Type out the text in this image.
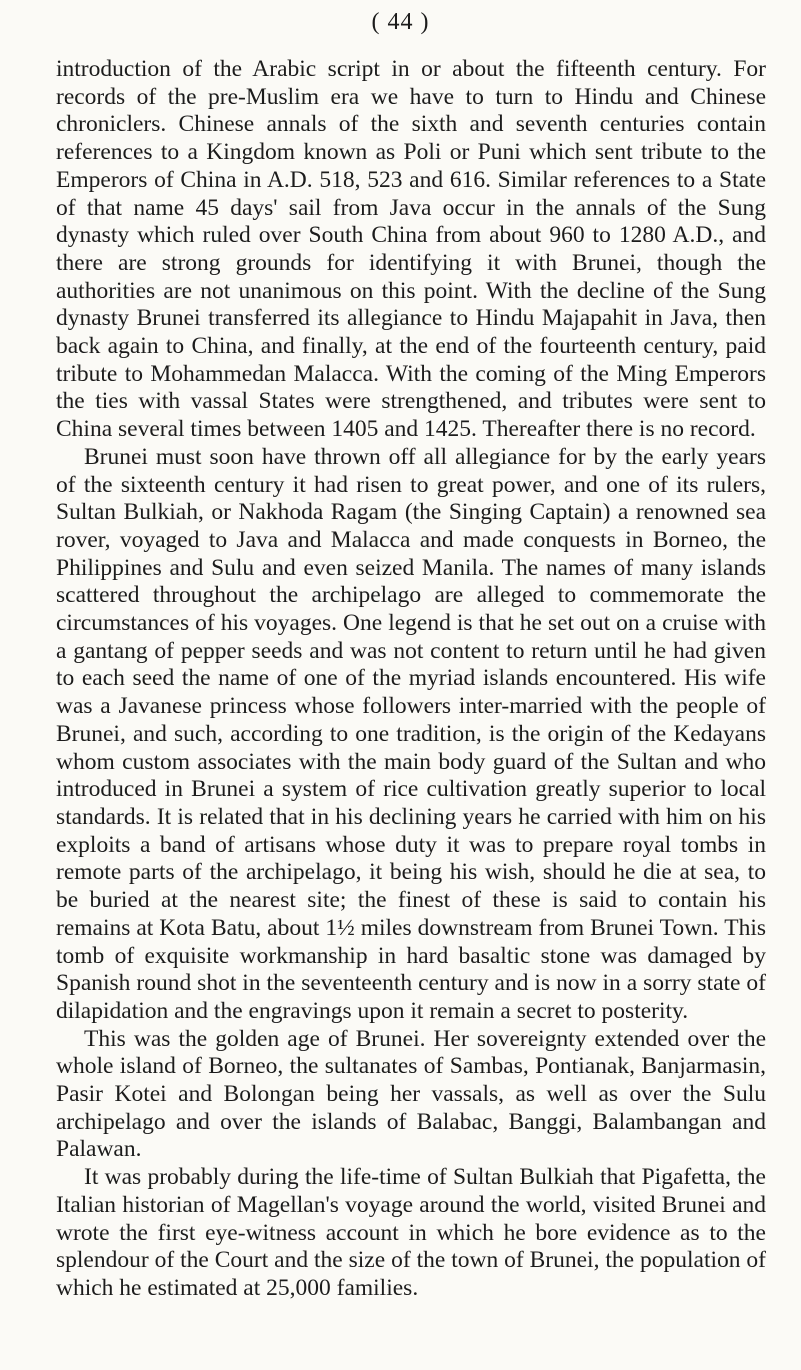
( 44 )

introduction of the Arabic script in or about the fifteenth century. For records of the pre-Muslim era we have to turn to Hindu and Chinese chroniclers. Chinese annals of the sixth and seventh centuries contain references to a Kingdom known as Poli or Puni which sent tribute to the Emperors of China in A.D. 518, 523 and 616. Similar references to a State of that name 45 days' sail from Java occur in the annals of the Sung dynasty which ruled over South China from about 960 to 1280 A.D., and there are strong grounds for identifying it with Brunei, though the authorities are not unanimous on this point. With the decline of the Sung dynasty Brunei transferred its allegiance to Hindu Majapahit in Java, then back again to China, and finally, at the end of the fourteenth century, paid tribute to Mohammedan Malacca. With the coming of the Ming Emperors the ties with vassal States were strengthened, and tributes were sent to China several times between 1405 and 1425. Thereafter there is no record.

Brunei must soon have thrown off all allegiance for by the early years of the sixteenth century it had risen to great power, and one of its rulers, Sultan Bulkiah, or Nakhoda Ragam (the Singing Captain) a renowned sea rover, voyaged to Java and Malacca and made conquests in Borneo, the Philippines and Sulu and even seized Manila. The names of many islands scattered throughout the archipelago are alleged to commemorate the circumstances of his voyages. One legend is that he set out on a cruise with a gantang of pepper seeds and was not content to return until he had given to each seed the name of one of the myriad islands encountered. His wife was a Javanese princess whose followers inter-married with the people of Brunei, and such, according to one tradition, is the origin of the Kedayans whom custom associates with the main body guard of the Sultan and who introduced in Brunei a system of rice cultivation greatly superior to local standards. It is related that in his declining years he carried with him on his exploits a band of artisans whose duty it was to prepare royal tombs in remote parts of the archipelago, it being his wish, should he die at sea, to be buried at the nearest site; the finest of these is said to contain his remains at Kota Batu, about 1½ miles downstream from Brunei Town. This tomb of exquisite workmanship in hard basaltic stone was damaged by Spanish round shot in the seventeenth century and is now in a sorry state of dilapidation and the engravings upon it remain a secret to posterity.

This was the golden age of Brunei. Her sovereignty extended over the whole island of Borneo, the sultanates of Sambas, Pontianak, Banjarmasin, Pasir Kotei and Bolongan being her vassals, as well as over the Sulu archipelago and over the islands of Balabac, Banggi, Balambangan and Palawan.

It was probably during the life-time of Sultan Bulkiah that Pigafetta, the Italian historian of Magellan's voyage around the world, visited Brunei and wrote the first eye-witness account in which he bore evidence as to the splendour of the Court and the size of the town of Brunei, the population of which he estimated at 25,000 families.
